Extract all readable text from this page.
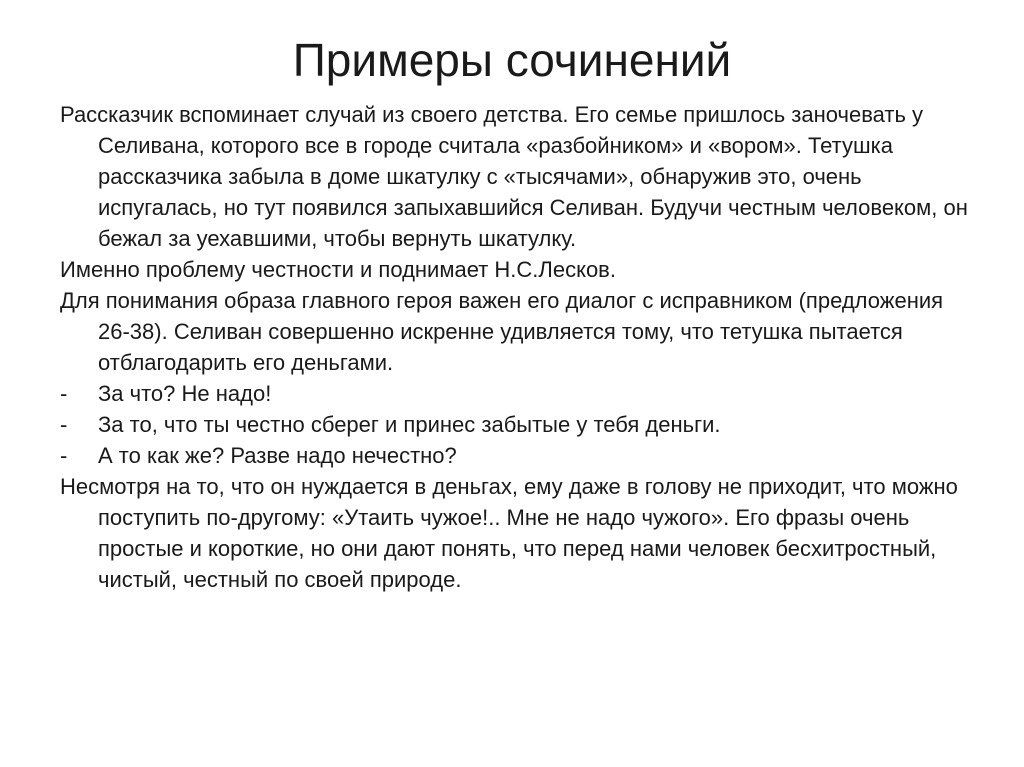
Примеры сочинений

Рассказчик вспоминает случай из своего детства. Его семье пришлось заночевать у Селивана, которого все в городе считала «разбойником» и «вором». Тетушка рассказчика забыла в доме шкатулку с «тысячами», обнаружив это, очень испугалась, но тут появился запыхавшийся Селиван. Будучи честным человеком, он бежал за уехавшими, чтобы вернуть шкатулку.

Именно проблему честности и поднимает Н.С.Лесков.

Для понимания образа главного героя важен его диалог с исправником (предложения 26-38). Селиван совершенно искренне удивляется тому, что тетушка пытается отблагодарить его деньгами.

- За что? Не надо!

- За то, что ты честно сберег и принес забытые у тебя деньги.

- А то как же? Разве надо нечестно?

Несмотря на то, что он нуждается в деньгах, ему даже в голову не приходит, что можно поступить по-другому: «Утаить чужое!.. Мне не надо чужого». Его фразы очень простые и короткие, но они дают понять, что перед нами человек бесхитростный, чистый, честный по своей природе.
